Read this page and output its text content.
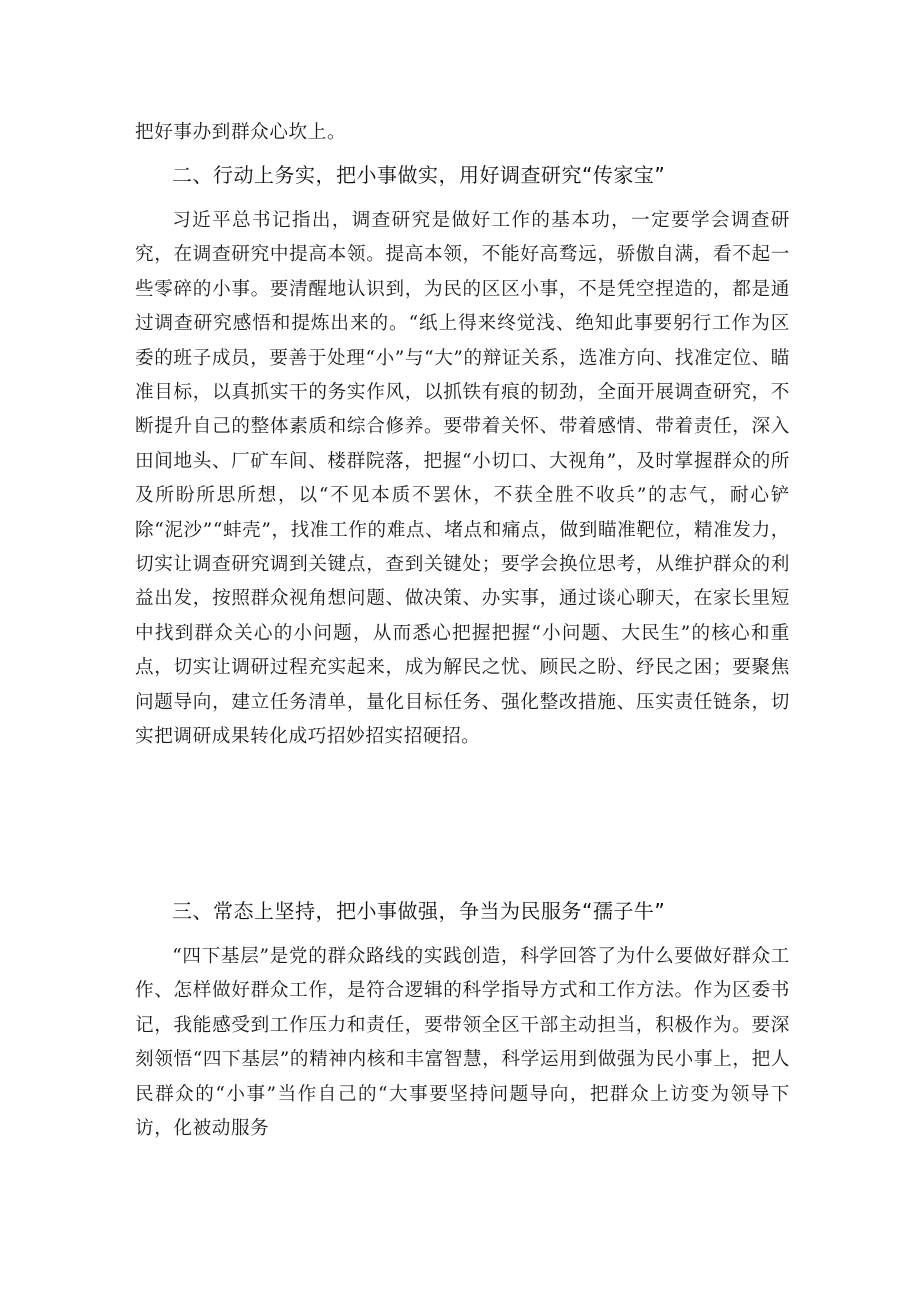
把好事办到群众心坎上。

二、行动上务实，把小事做实，用好调查研究“传家宝”

习近平总书记指出，调查研究是做好工作的基本功，一定要学会调查研究，在调查研究中提高本领。提高本领，不能好高骛远，骄傲自满，看不起一些零碎的小事。要清醒地认识到，为民的区区小事，不是凭空捏造的，都是通过调查研究感悟和提炼出来的。“纸上得来终觉浅、绝知此事要躬行工作为区委的班子成员，要善于处理“小”与“大”的辩证关系，选准方向、找准定位、瞄准目标，以真抓实干的务实作风，以抓铁有痕的韧劲，全面开展调查研究，不断提升自己的整体素质和综合修养。要带着关怀、带着感情、带着责任，深入田间地头、厂矿车间、楼群院落，把握“小切口、大视角”，及时掌握群众的所及所盼所思所想，以“不见本质不罢休，不获全胜不收兵”的志气，耐心铲除“泥沙”“蚌壳”，找准工作的难点、堵点和痛点，做到瞄准靶位，精准发力，切实让调查研究调到关键点，查到关键处；要学会换位思考，从维护群众的利益出发，按照群众视角想问题、做决策、办实事，通过谈心聊天，在家长里短中找到群众关心的小问题，从而悉心把握把握“小问题、大民生”的核心和重点，切实让调研过程充实起来，成为解民之忧、顾民之盼、纾民之困；要聚焦问题导向，建立任务清单，量化目标任务、强化整改措施、压实责任链条，切实把调研成果转化成巧招妙招实招硬招。

三、常态上坚持，把小事做强，争当为民服务“孺子牛”

“四下基层”是党的群众路线的实践创造，科学回答了为什么要做好群众工作、怎样做好群众工作，是符合逻辑的科学指导方式和工作方法。作为区委书记，我能感受到工作压力和责任，要带领全区干部主动担当，积极作为。要深刻领悟“四下基层”的精神内核和丰富智慧，科学运用到做强为民小事上，把人民群众的“小事”当作自己的“大事要坚持问题导向，把群众上访变为领导下访，化被动服务
